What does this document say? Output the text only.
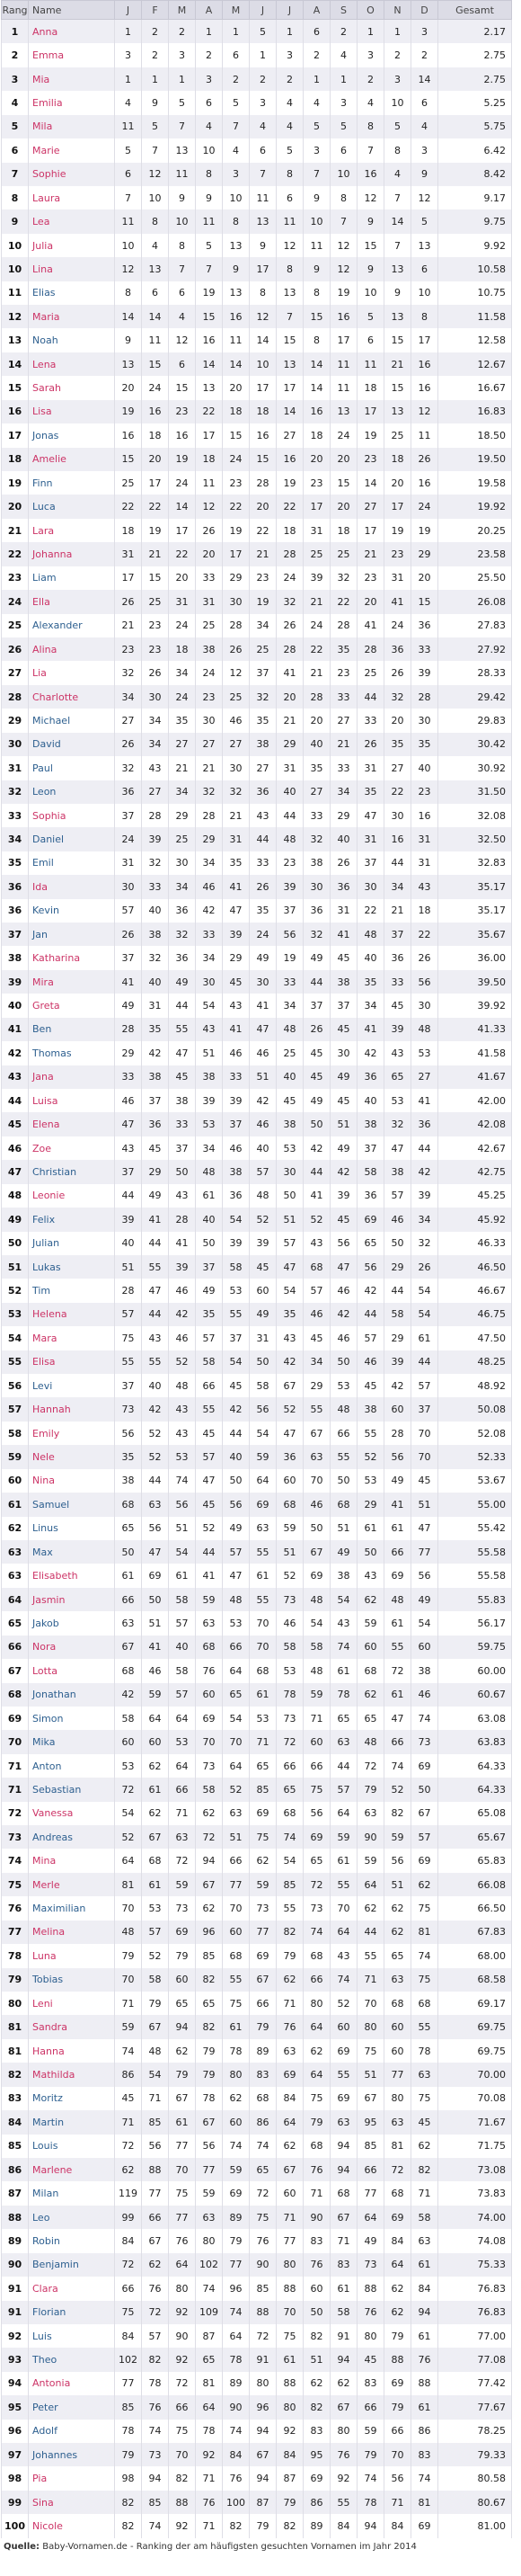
Rang	Name	J	F	M	A	M	J	J	A	S	O	N	D	Gesamt
1	Anna	1	2	2	1	1	5	1	6	2	1	1	3	2.17
2	Emma	3	2	3	2	6	1	3	2	4	3	2	2	2.75
3	Mia	1	1	1	3	2	2	2	1	1	2	3	14	2.75
4	Emilia	4	9	5	6	5	3	4	4	3	4	10	6	5.25
5	Mila	11	5	7	4	7	4	4	5	5	8	5	4	5.75
6	Marie	5	7	13	10	4	6	5	3	6	7	8	3	6.42
7	Sophie	6	12	11	8	3	7	8	7	10	16	4	9	8.42
8	Laura	7	10	9	9	10	11	6	9	8	12	7	12	9.17
9	Lea	11	8	10	11	8	13	11	10	7	9	14	5	9.75
10	Julia	10	4	8	5	13	9	12	11	12	15	7	13	9.92
10	Lina	12	13	7	7	9	17	8	9	12	9	13	6	10.58
11	Elias	8	6	6	19	13	8	13	8	19	10	9	10	10.75
12	Maria	14	14	4	15	16	12	7	15	16	5	13	8	11.58
13	Noah	9	11	12	16	11	14	15	8	17	6	15	17	12.58
14	Lena	13	15	6	14	14	10	13	14	11	11	21	16	12.67
15	Sarah	20	24	15	13	20	17	17	14	11	18	15	16	16.67
16	Lisa	19	16	23	22	18	18	14	16	13	17	13	12	16.83
17	Jonas	16	18	16	17	15	16	27	18	24	19	25	11	18.50
18	Amelie	15	20	19	18	24	15	16	20	20	23	18	26	19.50
19	Finn	25	17	24	11	23	28	19	23	15	14	20	16	19.58
20	Luca	22	22	14	12	22	20	22	17	20	27	17	24	19.92
21	Lara	18	19	17	26	19	22	18	31	18	17	19	19	20.25
22	Johanna	31	21	22	20	17	21	28	25	25	21	23	29	23.58
23	Liam	17	15	20	33	29	23	24	39	32	23	31	20	25.50
24	Ella	26	25	31	31	30	19	32	21	22	20	41	15	26.08
25	Alexander	21	23	24	25	28	34	26	24	28	41	24	36	27.83
26	Alina	23	23	18	38	26	25	28	22	35	28	36	33	27.92
27	Lia	32	26	34	24	12	37	41	21	23	25	26	39	28.33
28	Charlotte	34	30	24	23	25	32	20	28	33	44	32	28	29.42
29	Michael	27	34	35	30	46	35	21	20	27	33	20	30	29.83
30	David	26	34	27	27	27	38	29	40	21	26	35	35	30.42
31	Paul	32	43	21	21	30	27	31	35	33	31	27	40	30.92
32	Leon	36	27	34	32	32	36	40	27	34	35	22	23	31.50
33	Sophia	37	28	29	28	21	43	44	33	29	47	30	16	32.08
34	Daniel	24	39	25	29	31	44	48	32	40	31	16	31	32.50
35	Emil	31	32	30	34	35	33	23	38	26	37	44	31	32.83
36	Ida	30	33	34	46	41	26	39	30	36	30	34	43	35.17
36	Kevin	57	40	36	42	47	35	37	36	31	22	21	18	35.17
37	Jan	26	38	32	33	39	24	56	32	41	48	37	22	35.67
38	Katharina	37	32	36	34	29	49	19	49	45	40	36	26	36.00
39	Mira	41	40	49	30	45	30	33	44	38	35	33	56	39.50
40	Greta	49	31	44	54	43	41	34	37	37	34	45	30	39.92
41	Ben	28	35	55	43	41	47	48	26	45	41	39	48	41.33
42	Thomas	29	42	47	51	46	46	25	45	30	42	43	53	41.58
43	Jana	33	38	45	38	33	51	40	45	49	36	65	27	41.67
44	Luisa	46	37	38	39	39	42	45	49	45	40	53	41	42.00
45	Elena	47	36	33	53	37	46	38	50	51	38	32	36	42.08
46	Zoe	43	45	37	34	46	40	53	42	49	37	47	44	42.67
47	Christian	37	29	50	48	38	57	30	44	42	58	38	42	42.75
48	Leonie	44	49	43	61	36	48	50	41	39	36	57	39	45.25
49	Felix	39	41	28	40	54	52	51	52	45	69	46	34	45.92
50	Julian	40	44	41	50	39	39	57	43	56	65	50	32	46.33
51	Lukas	51	55	39	37	58	45	47	68	47	56	29	26	46.50
52	Tim	28	47	46	49	53	60	54	57	46	42	44	54	46.67
53	Helena	57	44	42	35	55	49	35	46	42	44	58	54	46.75
54	Mara	75	43	46	57	37	31	43	45	46	57	29	61	47.50
55	Elisa	55	55	52	58	54	50	42	34	50	46	39	44	48.25
56	Levi	37	40	48	66	45	58	67	29	53	45	42	57	48.92
57	Hannah	73	42	43	55	42	56	52	55	48	38	60	37	50.08
58	Emily	56	52	43	45	44	54	47	67	66	55	28	70	52.08
59	Nele	35	52	53	57	40	59	36	63	55	52	56	70	52.33
60	Nina	38	44	74	47	50	64	60	70	50	53	49	45	53.67
61	Samuel	68	63	56	45	56	69	68	46	68	29	41	51	55.00
62	Linus	65	56	51	52	49	63	59	50	51	61	61	47	55.42
63	Max	50	47	54	44	57	55	51	67	49	50	66	77	55.58
63	Elisabeth	61	69	61	41	47	61	52	69	38	43	69	56	55.58
64	Jasmin	66	50	58	59	48	55	73	48	54	62	48	49	55.83
65	Jakob	63	51	57	63	53	70	46	54	43	59	61	54	56.17
66	Nora	67	41	40	68	66	70	58	58	74	60	55	60	59.75
67	Lotta	68	46	58	76	64	68	53	48	61	68	72	38	60.00
68	Jonathan	42	59	57	60	65	61	78	59	78	62	61	46	60.67
69	Simon	58	64	64	69	54	53	73	71	65	65	47	74	63.08
70	Mika	60	60	53	70	70	71	72	60	63	48	66	73	63.83
71	Anton	53	62	64	73	64	65	66	66	44	72	74	69	64.33
71	Sebastian	72	61	66	58	52	85	65	75	57	79	52	50	64.33
72	Vanessa	54	62	71	62	63	69	68	56	64	63	82	67	65.08
73	Andreas	52	67	63	72	51	75	74	69	59	90	59	57	65.67
74	Mina	64	68	72	94	66	62	54	65	61	59	56	69	65.83
75	Merle	81	61	59	67	77	59	85	72	55	64	51	62	66.08
76	Maximilian	70	53	73	62	70	73	55	73	70	62	62	75	66.50
77	Melina	48	57	69	96	60	77	82	74	64	44	62	81	67.83
78	Luna	79	52	79	85	68	69	79	68	43	55	65	74	68.00
79	Tobias	70	58	60	82	55	67	62	66	74	71	63	75	68.58
80	Leni	71	79	65	65	75	66	71	80	52	70	68	68	69.17
81	Sandra	59	67	94	82	61	79	76	64	60	80	60	55	69.75
81	Hanna	74	48	62	79	78	89	63	62	69	75	60	78	69.75
82	Mathilda	86	54	79	79	80	83	69	64	55	51	77	63	70.00
83	Moritz	45	71	67	78	62	68	84	75	69	67	80	75	70.08
84	Martin	71	85	61	67	60	86	64	79	63	95	63	45	71.67
85	Louis	72	56	77	56	74	74	62	68	94	85	81	62	71.75
86	Marlene	62	88	70	77	59	65	67	76	94	66	72	82	73.08
87	Milan	119	77	75	59	69	72	60	71	68	77	68	71	73.83
88	Leo	99	66	77	63	89	75	71	90	67	64	69	58	74.00
89	Robin	84	67	76	80	79	76	77	83	71	49	84	63	74.08
90	Benjamin	72	62	64	102	77	90	80	76	83	73	64	61	75.33
91	Clara	66	76	80	74	96	85	88	60	61	88	62	84	76.83
91	Florian	75	72	92	109	74	88	70	50	58	76	62	94	76.83
92	Luis	84	57	90	87	64	72	75	82	91	80	79	61	77.00
93	Theo	102	82	92	65	78	91	61	51	94	45	88	76	77.08
94	Antonia	77	78	72	81	89	80	88	62	62	83	69	88	77.42
95	Peter	85	76	66	64	90	96	80	82	67	66	79	61	77.67
96	Adolf	78	74	75	78	74	94	92	83	80	59	66	86	78.25
97	Johannes	79	73	70	92	84	67	84	95	76	79	70	83	79.33
98	Pia	98	94	82	71	76	94	87	69	92	74	56	74	80.58
99	Sina	82	85	88	76	100	87	79	86	55	78	71	81	80.67
100	Nicole	82	74	92	71	82	79	82	89	84	94	84	69	81.00
Quelle: Baby-Vornamen.de - Ranking der am häufigsten gesuchten Vornamen im Jahr 2014
